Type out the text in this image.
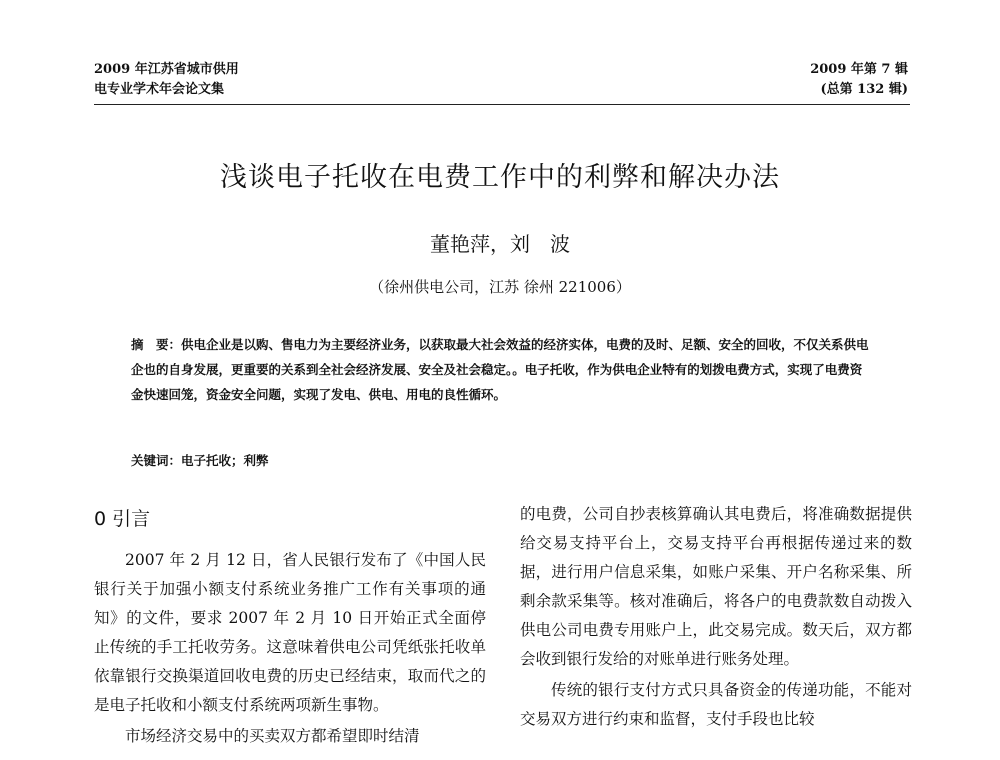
2009 年江苏省城市供用
电专业学术年会论文集
2009 年第 7 辑
(总第 132 辑)
浅谈电子托收在电费工作中的利弊和解决办法
董艳萍，刘　波
（徐州供电公司，江苏 徐州 221006）
摘　要：供电企业是以购、售电力为主要经济业务，以获取最大社会效益的经济实体，电费的及时、足额、安全的回收，不仅关系供电企也的自身发展，更重要的关系到全社会经济发展、安全及社会稳定。。电子托收，作为供电企业特有的划拨电费方式，实现了电费资金快速回笼，资金安全问题，实现了发电、供电、用电的良性循环。
关键词：电子托收；利弊
0 引言

2007 年 2 月 12 日，省人民银行发布了《中国人民银行关于加强小额支付系统业务推广工作有关事项的通知》的文件，要求 2007 年 2 月 10 日开始正式全面停止传统的手工托收劳务。这意味着供电公司凭纸张托收单依靠银行交换渠道回收电费的历史已经结束，取而代之的是电子托收和小额支付系统两项新生事物。

市场经济交易中的买卖双方都希望即时结清

的电费，公司自抄表核算确认其电费后，将准确数据提供给交易支持平台上，交易支持平台再根据传递过来的数据，进行用户信息采集，如账户采集、开户名称采集、所剩余款采集等。核对准确后，将各户的电费款数自动拨入供电公司电费专用账户上，此交易完成。数天后，双方都会收到银行发给的对账单进行账务处理。

传统的银行支付方式只具备资金的传递功能，不能对交易双方进行约束和监督，支付手段也比较
